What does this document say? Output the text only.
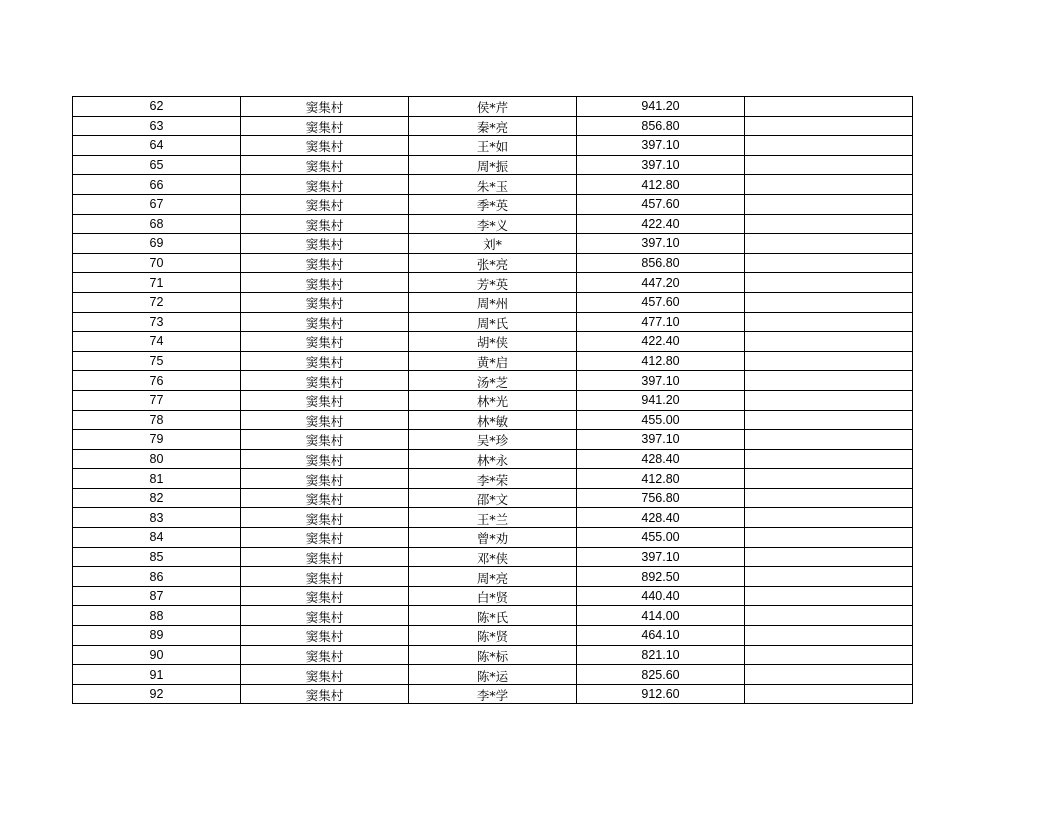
62	窦集村	侯*芹	941.20	
63	窦集村	秦*亮	856.80	
64	窦集村	王*如	397.10	
65	窦集村	周*振	397.10	
66	窦集村	朱*玉	412.80	
67	窦集村	季*英	457.60	
68	窦集村	李*义	422.40	
69	窦集村	刘*	397.10	
70	窦集村	张*亮	856.80	
71	窦集村	芳*英	447.20	
72	窦集村	周*州	457.60	
73	窦集村	周*氏	477.10	
74	窦集村	胡*侠	422.40	
75	窦集村	黄*启	412.80	
76	窦集村	汤*芝	397.10	
77	窦集村	林*光	941.20	
78	窦集村	林*敏	455.00	
79	窦集村	吴*珍	397.10	
80	窦集村	林*永	428.40	
81	窦集村	李*荣	412.80	
82	窦集村	邵*文	756.80	
83	窦集村	王*兰	428.40	
84	窦集村	曾*劝	455.00	
85	窦集村	邓*侠	397.10	
86	窦集村	周*亮	892.50	
87	窦集村	白*贤	440.40	
88	窦集村	陈*氏	414.00	
89	窦集村	陈*贤	464.10	
90	窦集村	陈*标	821.10	
91	窦集村	陈*运	825.60	
92	窦集村	李*学	912.60	
